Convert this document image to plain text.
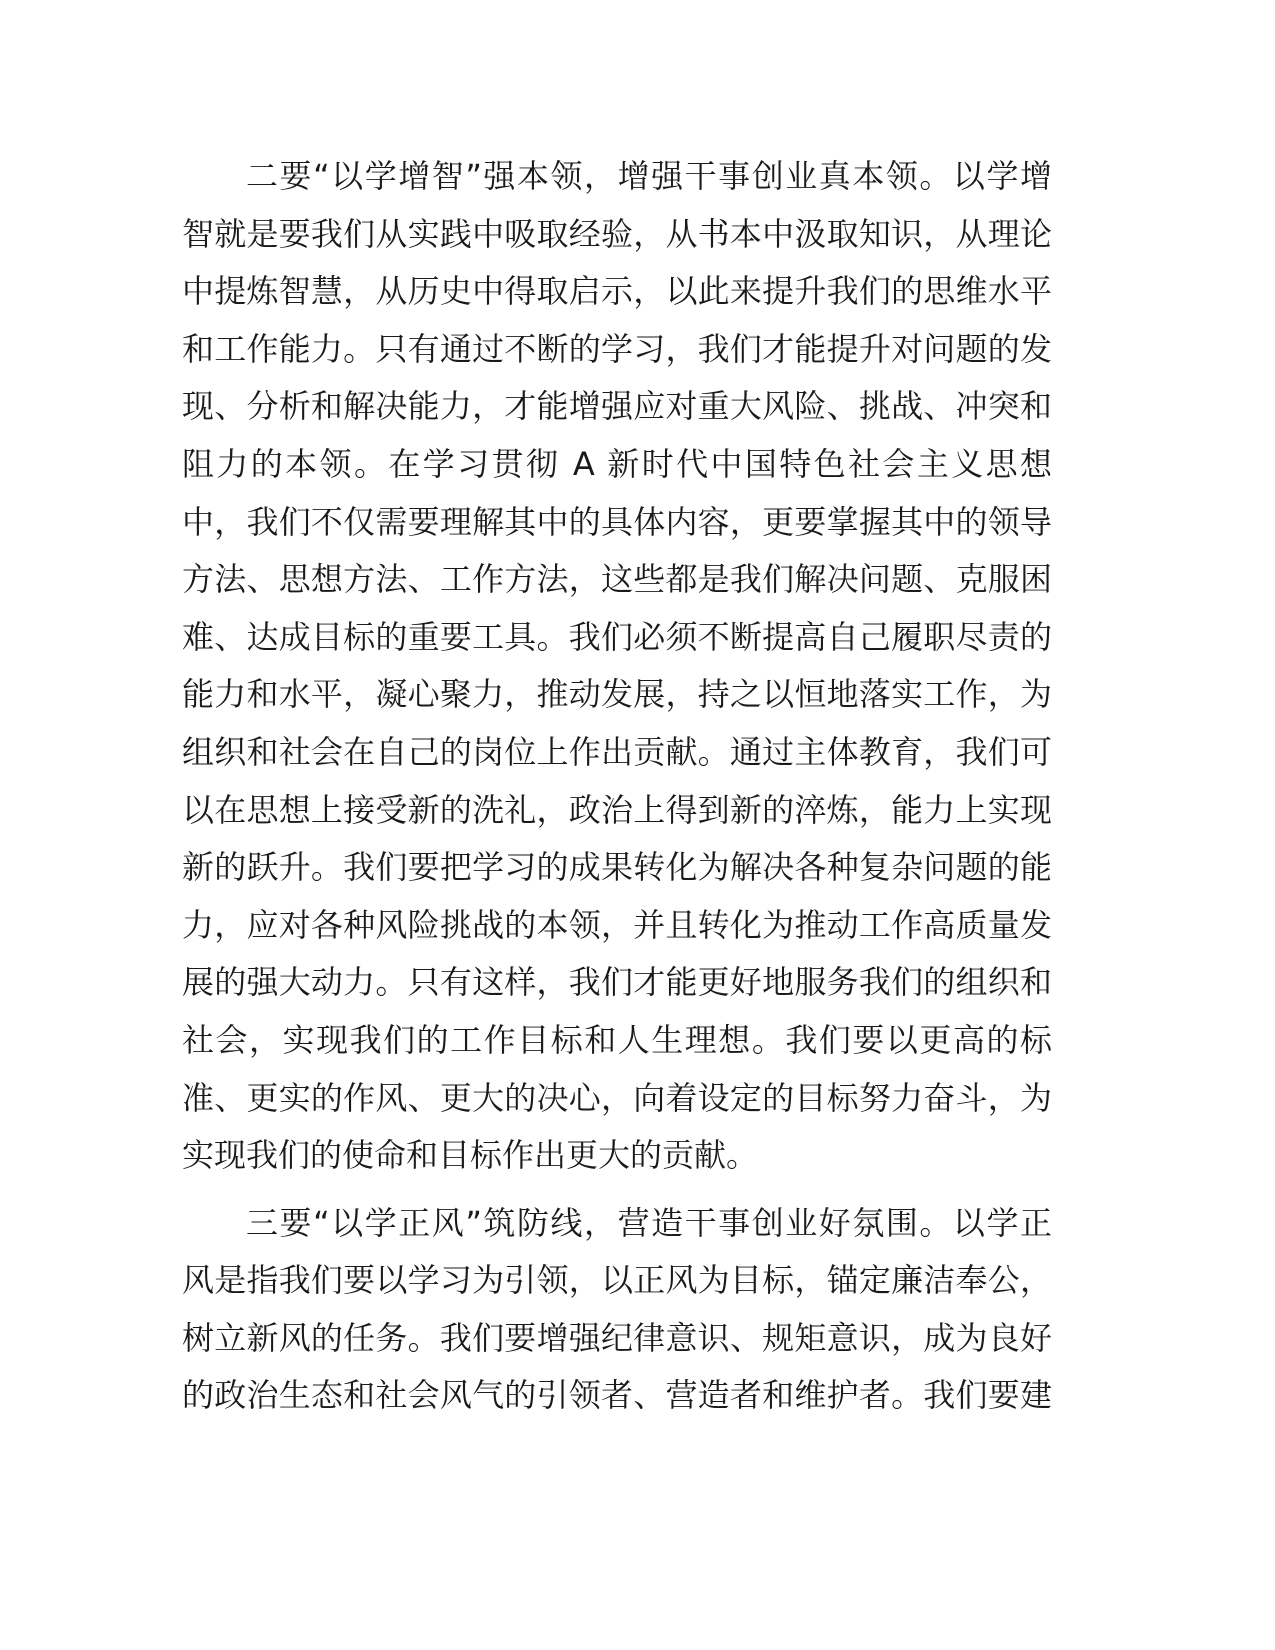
二要“以学增智”强本领，增强干事创业真本领。以学增
智就是要我们从实践中吸取经验，从书本中汲取知识，从理论
中提炼智慧，从历史中得取启示，以此来提升我们的思维水平
和工作能力。只有通过不断的学习，我们才能提升对问题的发
现、分析和解决能力，才能增强应对重大风险、挑战、冲突和
阻力的本领。在学习贯彻 A 新时代中国特色社会主义思想
中，我们不仅需要理解其中的具体内容，更要掌握其中的领导
方法、思想方法、工作方法，这些都是我们解决问题、克服困
难、达成目标的重要工具。我们必须不断提高自己履职尽责的
能力和水平，凝心聚力，推动发展，持之以恒地落实工作，为
组织和社会在自己的岗位上作出贡献。通过主体教育，我们可
以在思想上接受新的洗礼，政治上得到新的淬炼，能力上实现
新的跃升。我们要把学习的成果转化为解决各种复杂问题的能
力，应对各种风险挑战的本领，并且转化为推动工作高质量发
展的强大动力。只有这样，我们才能更好地服务我们的组织和
社会，实现我们的工作目标和人生理想。我们要以更高的标
准、更实的作风、更大的决心，向着设定的目标努力奋斗，为
实现我们的使命和目标作出更大的贡献。
三要“以学正风”筑防线，营造干事创业好氛围。以学正
风是指我们要以学习为引领，以正风为目标，锚定廉洁奉公，
树立新风的任务。我们要增强纪律意识、规矩意识，成为良好
的政治生态和社会风气的引领者、营造者和维护者。我们要建
